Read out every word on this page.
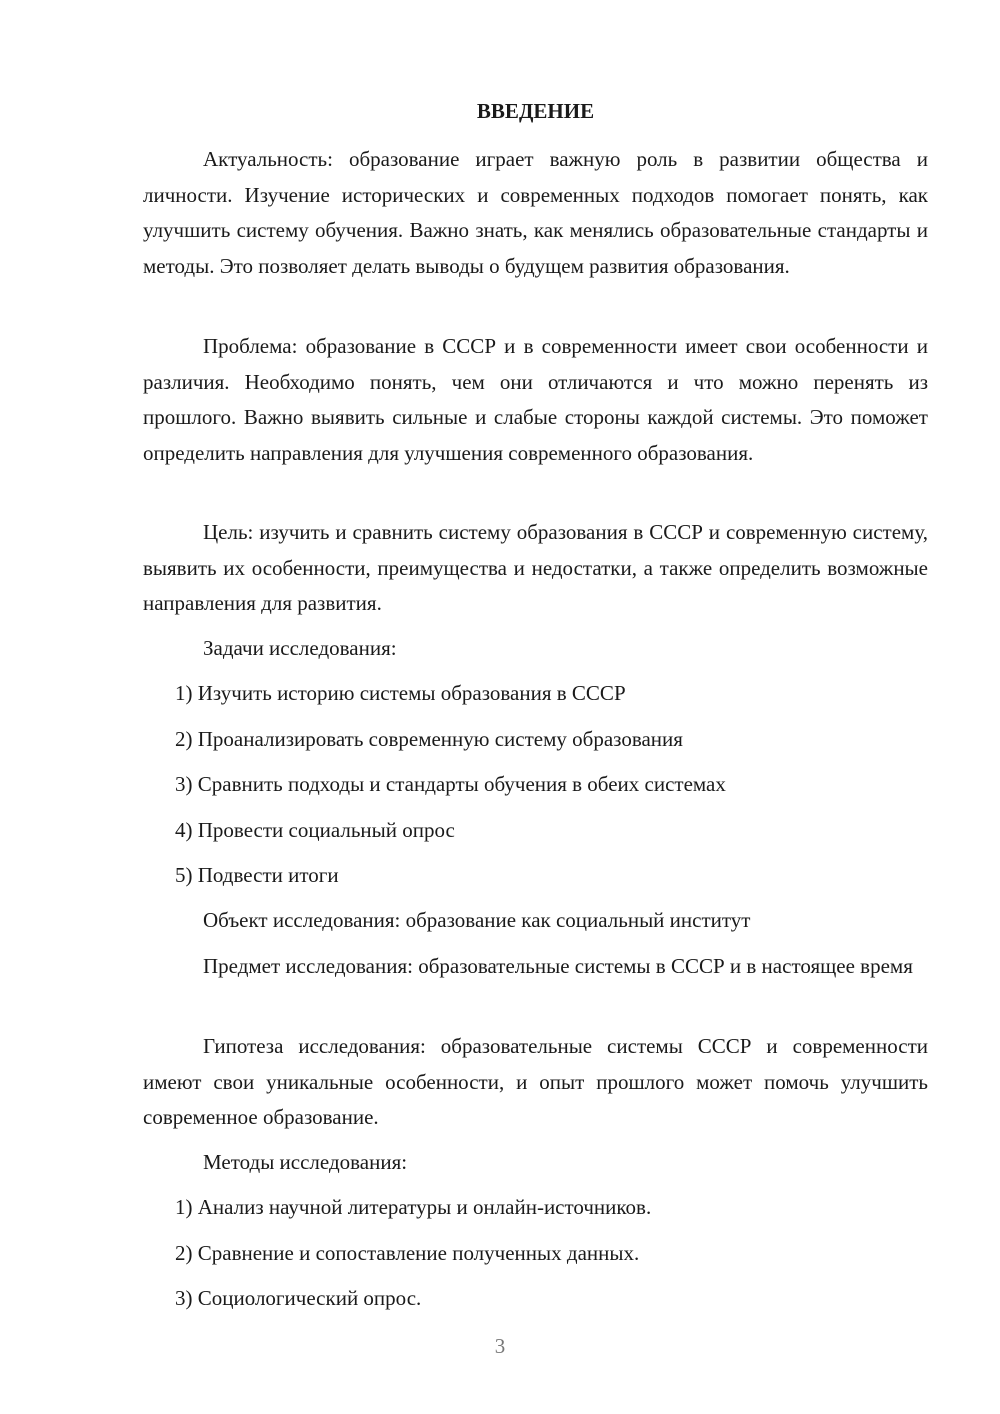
ВВЕДЕНИЕ

Актуальность: образование играет важную роль в развитии общества и личности. Изучение исторических и современных подходов помогает понять, как улучшить систему обучения. Важно знать, как менялись образовательные стандарты и методы. Это позволяет делать выводы о будущем развития образования.

Проблема: образование в СССР и в современности имеет свои особенности и различия. Необходимо понять, чем они отличаются и что можно перенять из прошлого. Важно выявить сильные и слабые стороны каждой системы. Это поможет определить направления для улучшения современного образования.

Цель: изучить и сравнить систему образования в СССР и современную систему, выявить их особенности, преимущества и недостатки, а также определить возможные направления для развития.

Задачи исследования:
1) Изучить историю системы образования в СССР
2) Проанализировать современную систему образования
3) Сравнить подходы и стандарты обучения в обеих системах
4) Провести социальный опрос
5) Подвести итоги
Объект исследования: образование как социальный институт

Предмет исследования: образовательные системы в СССР и в настоящее время

Гипотеза исследования: образовательные системы СССР и современности имеют свои уникальные особенности, и опыт прошлого может помочь улучшить современное образование.

Методы исследования:
1) Анализ научной литературы и онлайн-источников.
2) Сравнение и сопоставление полученных данных.
3) Социологический опрос.
3
